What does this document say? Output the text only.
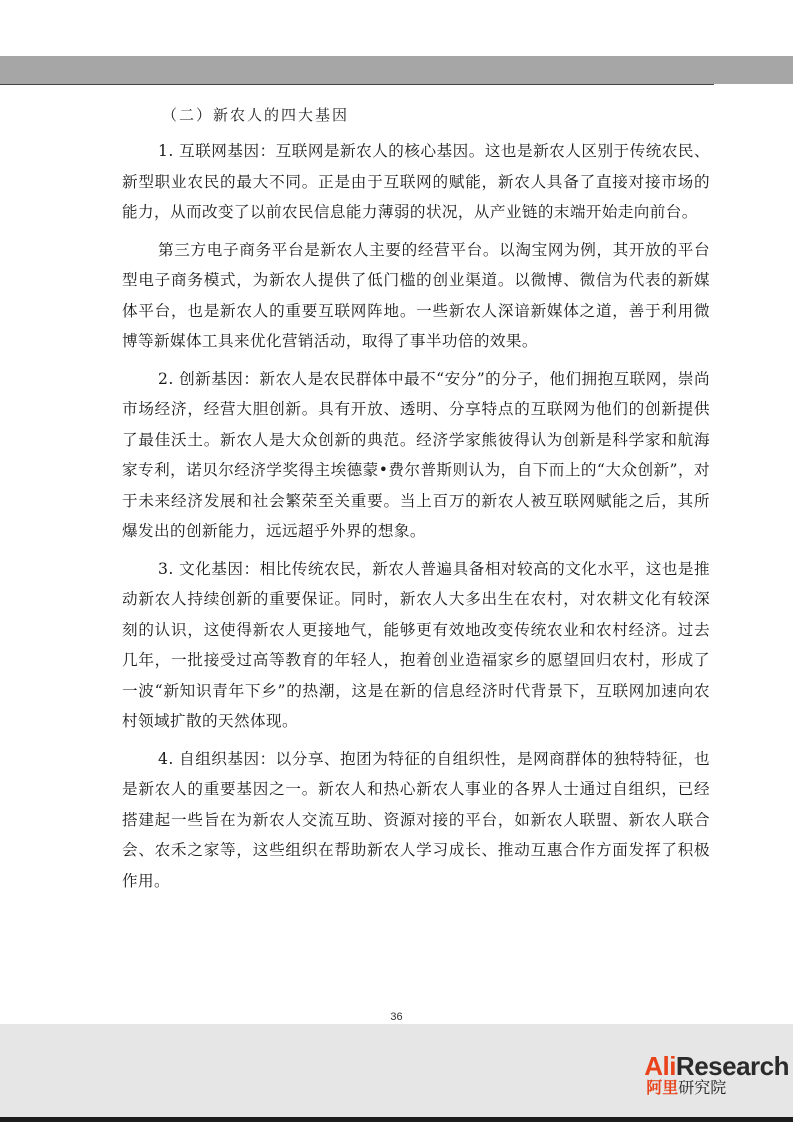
（二）新农人的四大基因

1. 互联网基因：互联网是新农人的核心基因。这也是新农人区别于传统农民、新型职业农民的最大不同。正是由于互联网的赋能，新农人具备了直接对接市场的能力，从而改变了以前农民信息能力薄弱的状况，从产业链的末端开始走向前台。

第三方电子商务平台是新农人主要的经营平台。以淘宝网为例，其开放的平台型电子商务模式，为新农人提供了低门槛的创业渠道。以微博、微信为代表的新媒体平台，也是新农人的重要互联网阵地。一些新农人深谙新媒体之道，善于利用微博等新媒体工具来优化营销活动，取得了事半功倍的效果。

2. 创新基因：新农人是农民群体中最不“安分”的分子，他们拥抱互联网，崇尚市场经济，经营大胆创新。具有开放、透明、分享特点的互联网为他们的创新提供了最佳沃土。新农人是大众创新的典范。经济学家熊彼得认为创新是科学家和航海家专利，诺贝尔经济学奖得主埃德蒙•费尔普斯则认为，自下而上的“大众创新”，对于未来经济发展和社会繁荣至关重要。当上百万的新农人被互联网赋能之后，其所爆发出的创新能力，远远超乎外界的想象。

3. 文化基因：相比传统农民，新农人普遍具备相对较高的文化水平，这也是推动新农人持续创新的重要保证。同时，新农人大多出生在农村，对农耕文化有较深刻的认识，这使得新农人更接地气，能够更有效地改变传统农业和农村经济。过去几年，一批接受过高等教育的年轻人，抱着创业造福家乡的愿望回归农村，形成了一波“新知识青年下乡”的热潮，这是在新的信息经济时代背景下，互联网加速向农村领域扩散的天然体现。

4. 自组织基因：以分享、抱团为特征的自组织性，是网商群体的独特特征，也是新农人的重要基因之一。新农人和热心新农人事业的各界人士通过自组织，已经搭建起一些旨在为新农人交流互助、资源对接的平台，如新农人联盟、新农人联合会、农禾之家等，这些组织在帮助新农人学习成长、推动互惠合作方面发挥了积极作用。

36
AliResearch
阿里研究院
